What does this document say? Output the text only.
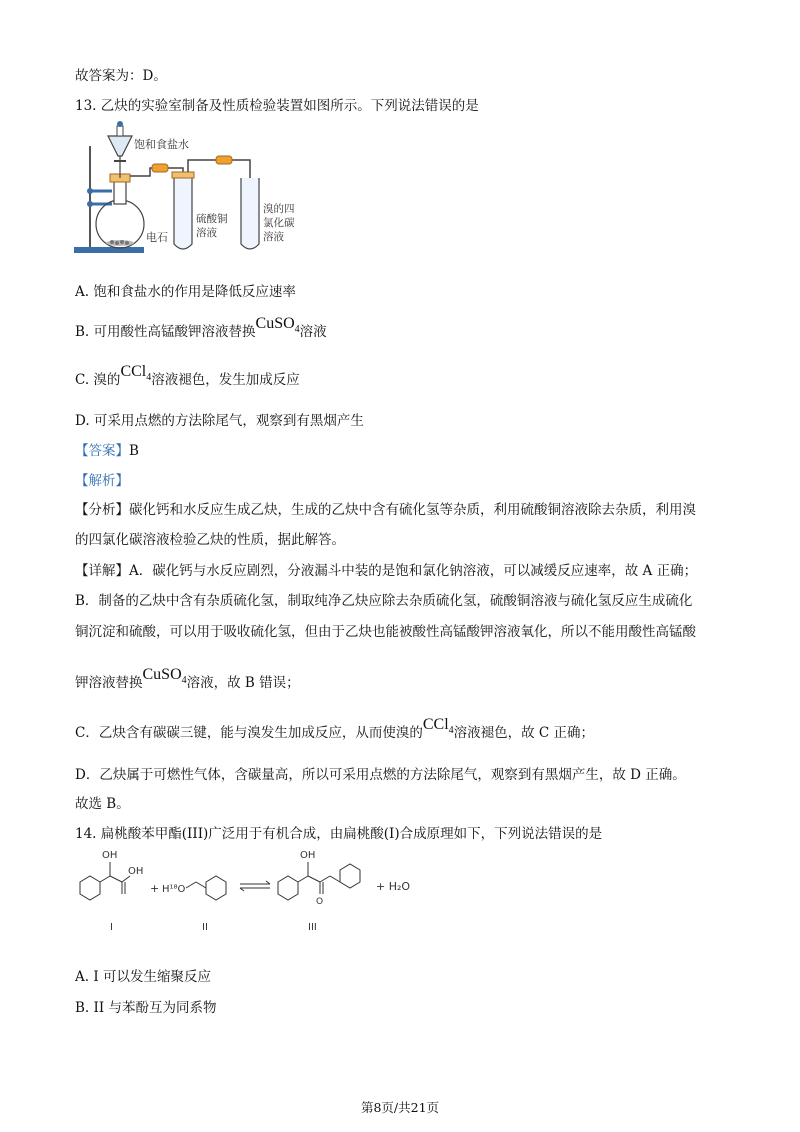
故答案为：D。
13. 乙炔的实验室制备及性质检验装置如图所示。下列说法错误的是
饱和食盐水
电石
硫酸铜
溶液
溴的四
氯化碳
溶液
A. 饱和食盐水的作用是降低反应速率
B. 可用酸性高锰酸钾溶液替换CuSO$_4$溶液
C. 溴的CCl$_4$溶液褪色，发生加成反应
D. 可采用点燃的方法除尾气，观察到有黑烟产生
【答案】B
【解析】
【分析】碳化钙和水反应生成乙炔，生成的乙炔中含有硫化氢等杂质，利用硫酸铜溶液除去杂质，利用溴
的四氯化碳溶液检验乙炔的性质，据此解答。
【详解】A．碳化钙与水反应剧烈，分液漏斗中装的是饱和氯化钠溶液，可以减缓反应速率，故 A 正确；
B．制备的乙炔中含有杂质硫化氢，制取纯净乙炔应除去杂质硫化氢，硫酸铜溶液与硫化氢反应生成硫化
铜沉淀和硫酸，可以用于吸收硫化氢，但由于乙炔也能被酸性高锰酸钾溶液氧化，所以不能用酸性高锰酸
钾溶液替换CuSO$_4$溶液，故 B 错误；
C．乙炔含有碳碳三键，能与溴发生加成反应，从而使溴的CCl$_4$溶液褪色，故 C 正确；
D．乙炔属于可燃性气体，含碳量高，所以可采用点燃的方法除尾气，观察到有黑烟产生，故 D 正确。
故选 B。
14. 扁桃酸苯甲酯(III)广泛用于有机合成，由扁桃酸(I)合成原理如下，下列说法错误的是
OH
OH
+ H¹⁸O
O
OH
+ H₂O
I	II	III
A. I 可以发生缩聚反应
B. II 与苯酚互为同系物
第8页/共21页
